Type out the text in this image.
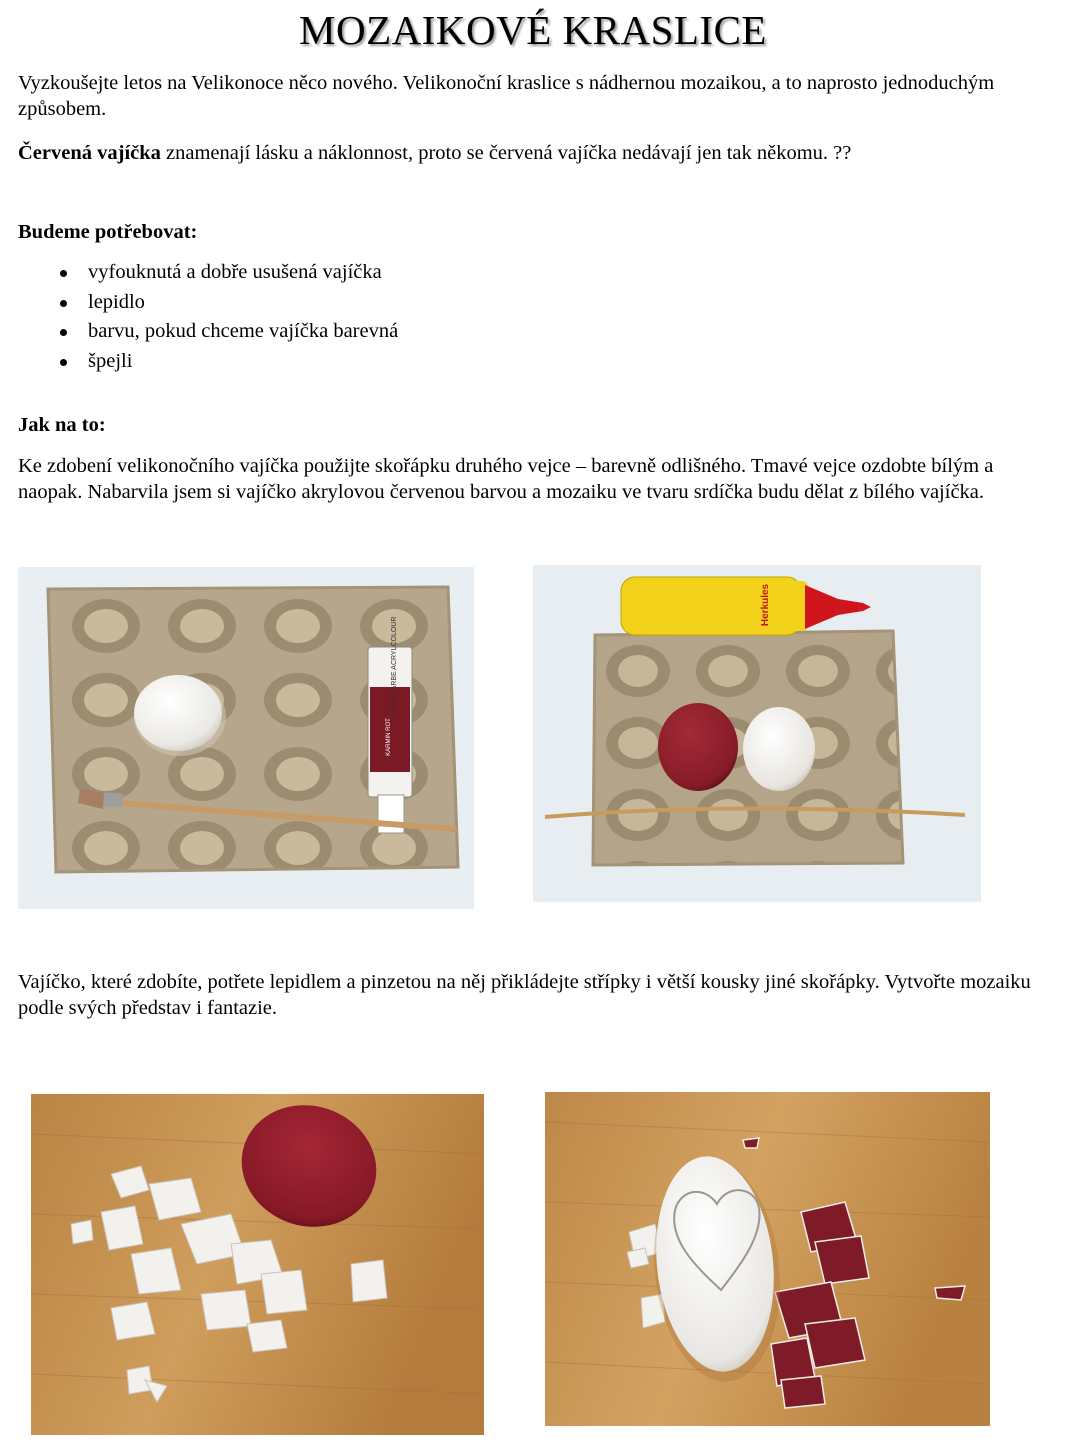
MOZAIKOVÉ KRASLICE

Vyzkoušejte letos na Velikonoce něco nového. Velikonoční kraslice s nádhernou mozaikou, a to naprosto jednoduchým způsobem.

Červená vajíčka znamenají lásku a náklonnost, proto se červená vajíčka nedávají jen tak někomu. ??

Budeme potřebovat:
vyfouknutá a dobře usušená vajíčka
lepidlo
barvu, pokud chceme vajíčka barevná
špejli
Jak na to:

Ke zdobení velikonočního vajíčka použijte skořápku druhého vejce – barevně odlišného. Tmavé vejce ozdobte bílým a naopak. Nabarvila jsem si vajíčko akrylovou červenou barvou a mozaiku ve tvaru srdíčka budu dělat z bílého vajíčka.

ACRYLFARBE ACRYLCOLOUR
KARMIN ROT
Herkules

Vajíčko, které zdobíte, potřete lepidlem a pinzetou na něj přikládejte střípky i větší kousky jiné skořápky. Vytvořte mozaiku podle svých představ i fantazie.
